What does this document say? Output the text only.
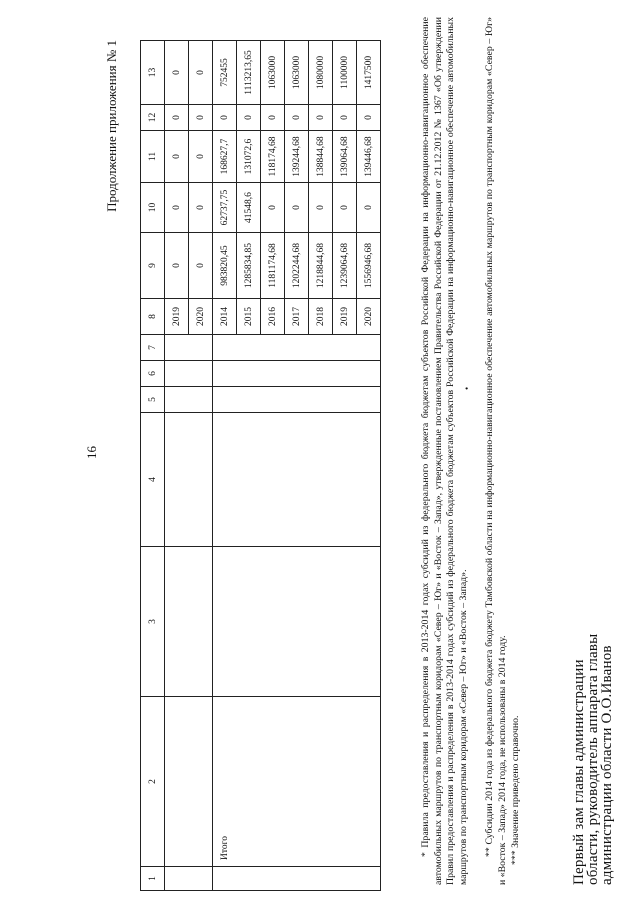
16
Продолжение приложения № 1
1	2	3	4	5	6	7	8	9	10	11	12	13
							2019	0	0	0	0	0
							2020	0	0	0	0	0
	Итого						2014	983820,45	62737,75	168627,7	0	752455
							2015	1285834,85	41548,6	131072,6	0	1113213,65
							2016	1181174,68	0	118174,68	0	1063000
							2017	1202244,68	0	139244,68	0	1063000
							2018	1218844,68	0	138844,68	0	1080000
							2019	1239064,68	0	139064,68	0	1100000
							2020	1556946,68	0	139446,68	0	1417500	* Правила предоставления и распределения в 2013-2014 годах субсидий из федерального бюджета бюджетам субъектов Российской Федерации на информационно-навигационное обеспечение автомобильных маршрутов по транспортным коридорам «Север – Юг» и «Восток – Запад», утвержденные постановлением Правительства Российской Федерации от 21.12.2012 № 1367 «Об утверждении Правил предоставления и распределения в 2013-2014 годах субсидий из федерального бюджета бюджетам субъектов Российской Федерации на информационно-навигационное обеспечение автомобильных маршрутов по транспортным коридорам «Север – Юг» и «Восток – Запад».
• ** Субсидии 2014 года из федерального бюджета бюджету Тамбовской области на информационно-навигационное обеспечение автомобильных маршрутов по транспортным коридорам «Север – Юг» и «Восток – Запад» 2014 года, не использованы в 2014 году. *** Значение приведено справочно.	Первый зам главы администрации
области, руководитель аппарата главы
администрации области О.О.Иванов
